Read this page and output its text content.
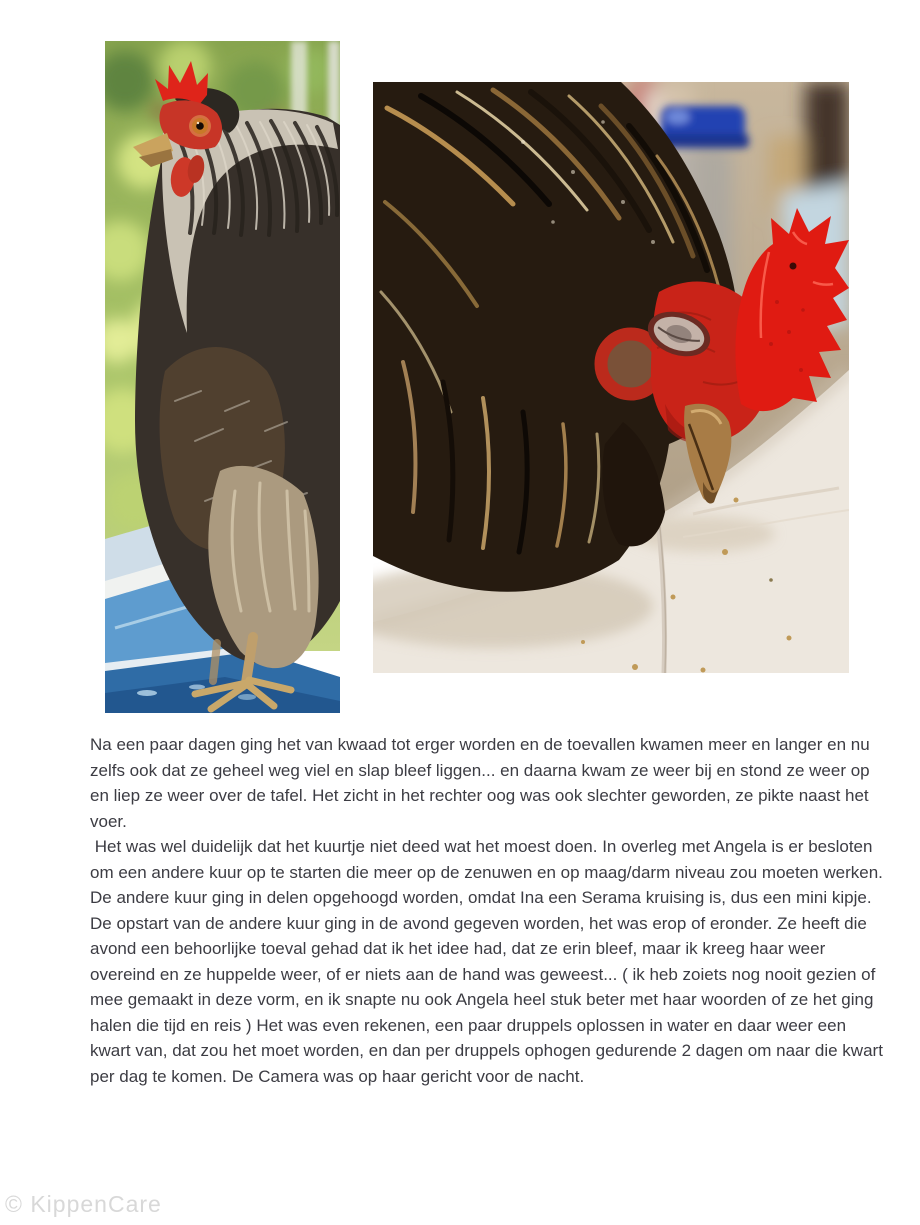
Na een paar dagen ging het van kwaad tot erger worden en de toevallen kwamen meer en langer en nu zelfs ook dat ze geheel weg viel en slap bleef liggen... en daarna kwam ze weer bij en stond ze weer op en liep ze weer over de tafel. Het zicht in het rechter oog was ook slechter geworden, ze pikte naast het voer.

Het was wel duidelijk dat het kuurtje niet deed wat het moest doen. In overleg met Angela is er besloten om een andere kuur op te starten die meer op de zenuwen en op maag/darm niveau zou moeten werken. De andere kuur ging in delen opgehoogd worden, omdat Ina een Serama kruising is, dus een mini kipje.

De opstart van de andere kuur ging in de avond gegeven worden, het was erop of eronder. Ze heeft die avond een behoorlijke toeval gehad dat ik het idee had, dat ze erin bleef, maar ik kreeg haar weer overeind en ze huppelde weer, of er niets aan de hand was geweest... ( ik heb zoiets nog nooit gezien of mee gemaakt in deze vorm, en ik snapte nu ook Angela heel stuk beter met haar woorden of ze het ging halen die tijd en reis ) Het was even rekenen, een paar druppels oplossen in water en daar weer een kwart van, dat zou het moet worden, en dan per druppels ophogen gedurende 2 dagen om naar die kwart per dag te komen. De Camera was op haar gericht voor de nacht.

© KippenCare
